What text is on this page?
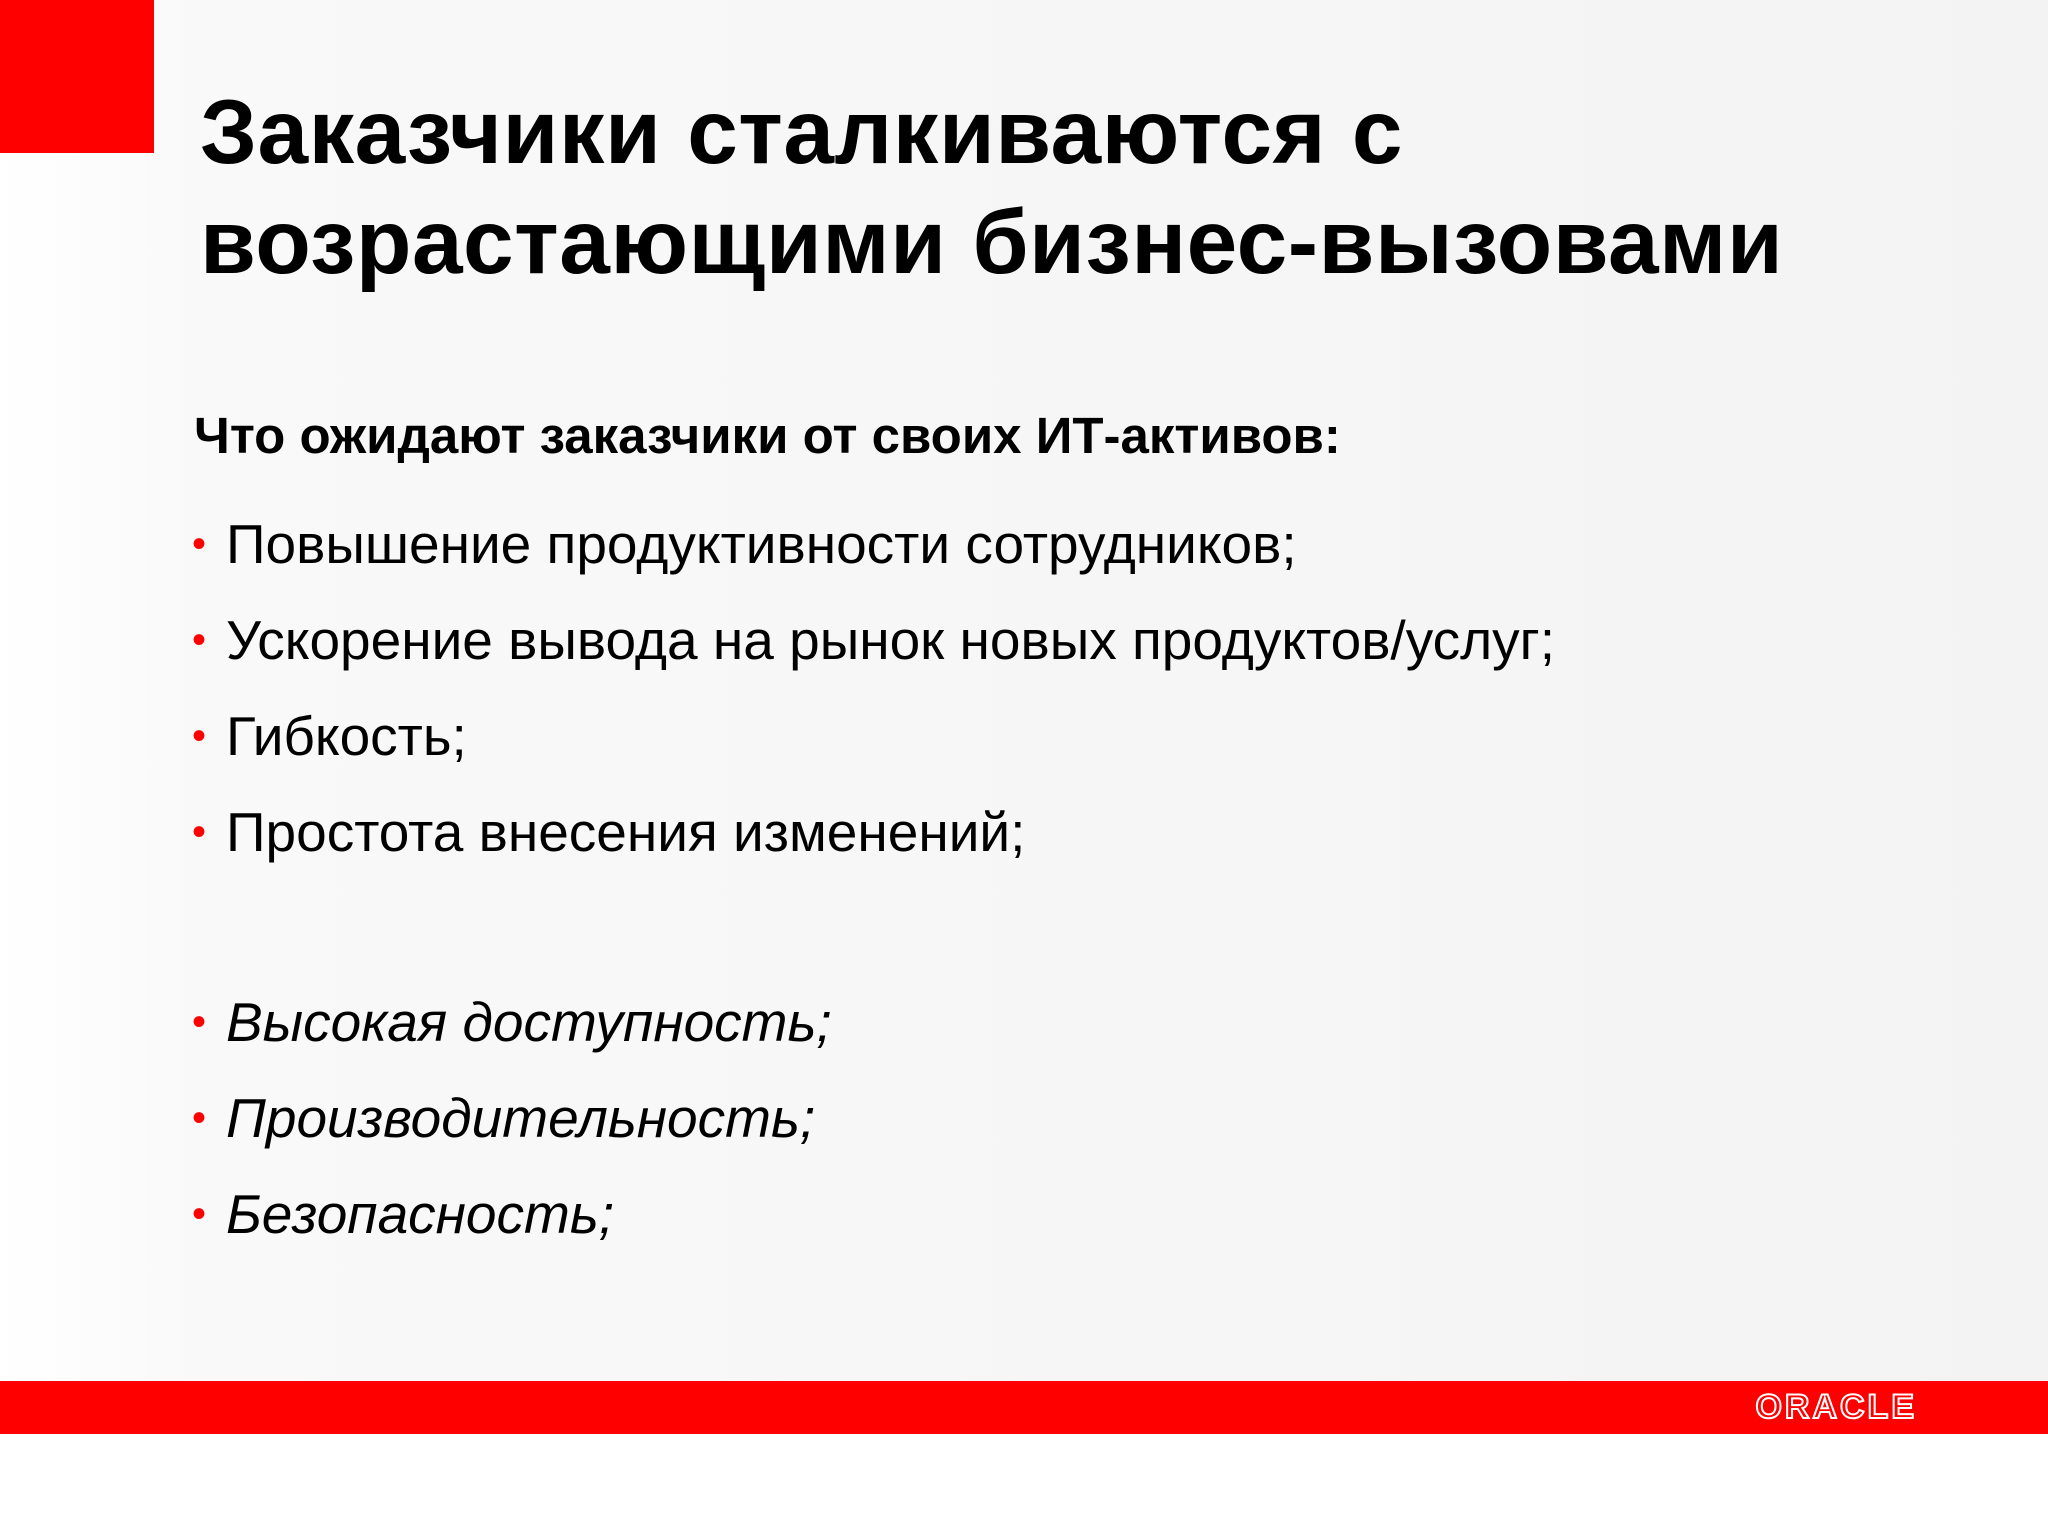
Заказчики сталкиваются с
возрастающими бизнес-вызовами

Что ожидают заказчики от своих ИТ-активов:

• Повышение продуктивности сотрудников;
• Ускорение вывода на рынок новых продуктов/услуг;
• Гибкость;
• Простота внесения изменений;
• Высокая доступность;
• Производительность;
• Безопасность;
ORACLE
